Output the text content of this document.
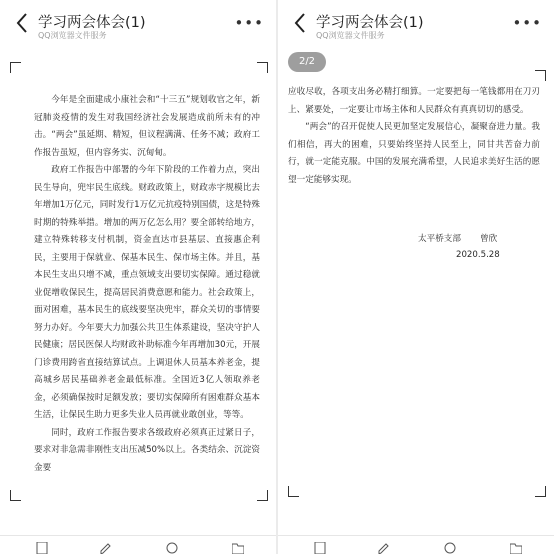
学习两会体会(1)
QQ浏览器文件服务
•••

今年是全面建成小康社会和“十三五”规划收官之年，新冠肺炎疫情的发生对我国经济社会发展造成前所未有的冲击。“两会”虽延期、精短，但议程满满、任务不减；政府工作报告虽短，但内容务实、沉甸甸。

政府工作报告中部署的今年下阶段的工作着力点，突出民生导向，兜牢民生底线。财政政策上，财政赤字规模比去年增加1万亿元，同时发行1万亿元抗疫特别国债，这是特殊时期的特殊举措。增加的两万亿怎么用？要全部转给地方，建立特殊转移支付机制，资金直达市县基层、直接惠企利民，主要用于保就业、保基本民生、保市场主体。并且，基本民生支出只增不减，重点领域支出要切实保障。通过稳就业促增收保民生，提高居民消费意愿和能力。社会政策上，面对困难，基本民生的底线要坚决兜牢，群众关切的事情要努力办好。今年要大力加强公共卫生体系建设，坚决守护人民健康；居民医保人均财政补助标准今年再增加30元，开展门诊费用跨省直接结算试点。上调退休人员基本养老金，提高城乡居民基础养老金最低标准。全国近3亿人领取养老金，必须确保按时足额发放；要切实保障所有困难群众基本生活，让保民生助力更多失业人员再就业敢创业，等等。

同时，政府工作报告要求各级政府必须真正过紧日子，要求对非急需非刚性支出压减50%以上。各类结余、沉淀资金要

学习两会体会(1)
QQ浏览器文件服务
•••
2/2

应收尽收，各项支出务必精打细算。一定要把每一笔钱都用在刀刃上、紧要处，一定要让市场主体和人民群众有真真切切的感受。

“两会”的召开促使人民更加坚定发展信心，凝聚奋进力量。我们相信，再大的困难，只要始终坚持人民至上，同甘共苦奋力前行，就一定能克服。中国的发展充满希望，人民追求美好生活的愿望一定能够实现。

太平桥支部 曾欣
2020.5.28
